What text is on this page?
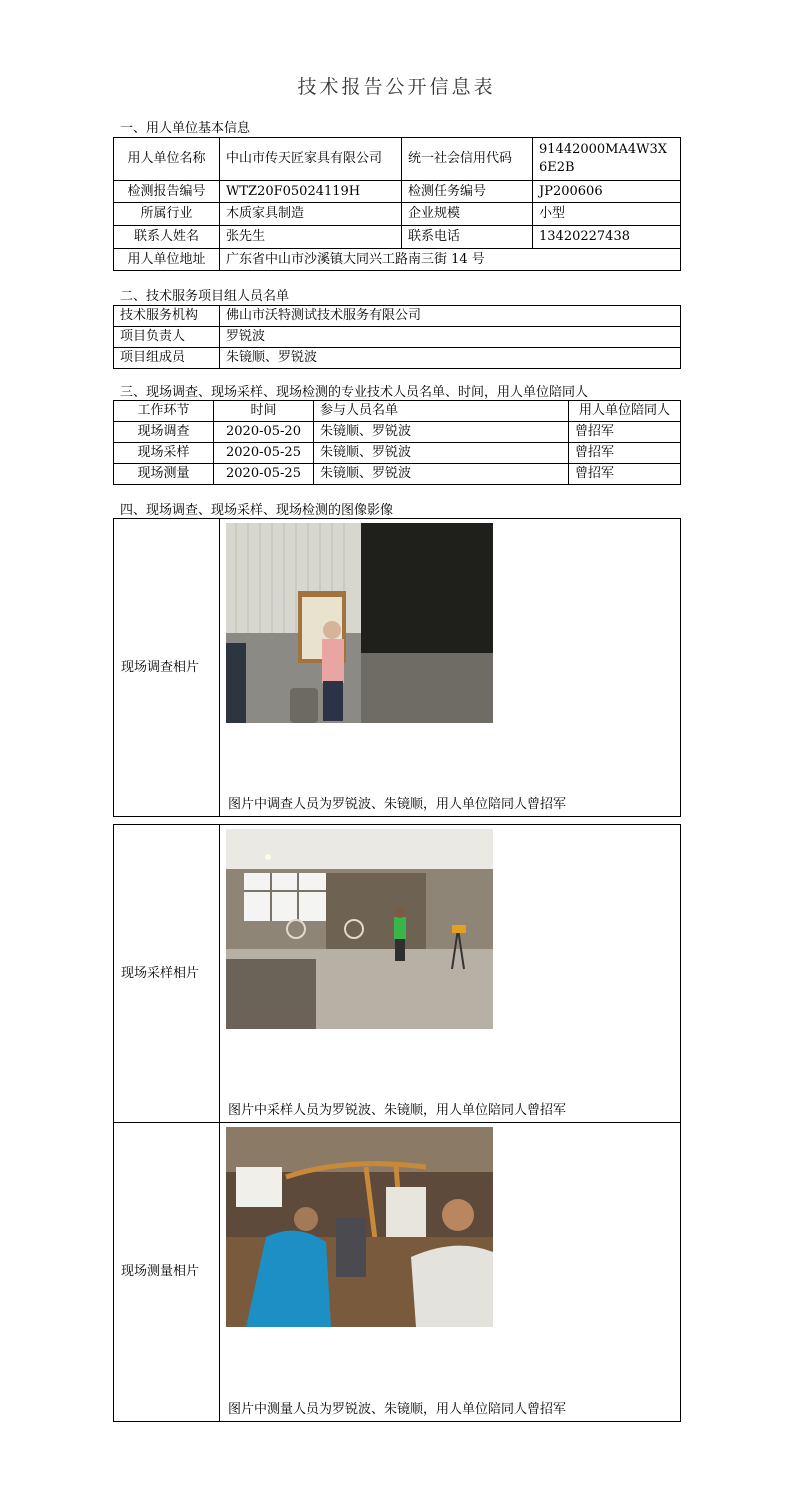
技术报告公开信息表
一、用人单位基本信息
用人单位名称	中山市传天匠家具有限公司	统一社会信用代码	91442000MA4W3X6E2B
检测报告编号	WTZ20F05024119H	检测任务编号	JP200606
所属行业	木质家具制造	企业规模	小型
联系人姓名	张先生	联系电话	13420227438
用人单位地址	广东省中山市沙溪镇大同兴工路南三街 14 号		
二、技术服务项目组人员名单
技术服务机构	佛山市沃特测试技术服务有限公司
项目负责人	罗锐波
项目组成员	朱镜顺、罗锐波
三、现场调查、现场采样、现场检测的专业技术人员名单、时间，用人单位陪同人
工作环节	时间	参与人员名单	用人单位陪同人
现场调查	2020-05-20	朱镜顺、罗锐波	曾招军
现场采样	2020-05-25	朱镜顺、罗锐波	曾招军
现场测量	2020-05-25	朱镜顺、罗锐波	曾招军
四、现场调查、现场采样、现场检测的图像影像
现场调查相片	
图片中调查人员为罗锐波、朱镜顺，用人单位陪同人曾招军
现场采样相片	
图片中采样人员为罗锐波、朱镜顺，用人单位陪同人曾招军
现场测量相片	
图片中测量人员为罗锐波、朱镜顺，用人单位陪同人曾招军
